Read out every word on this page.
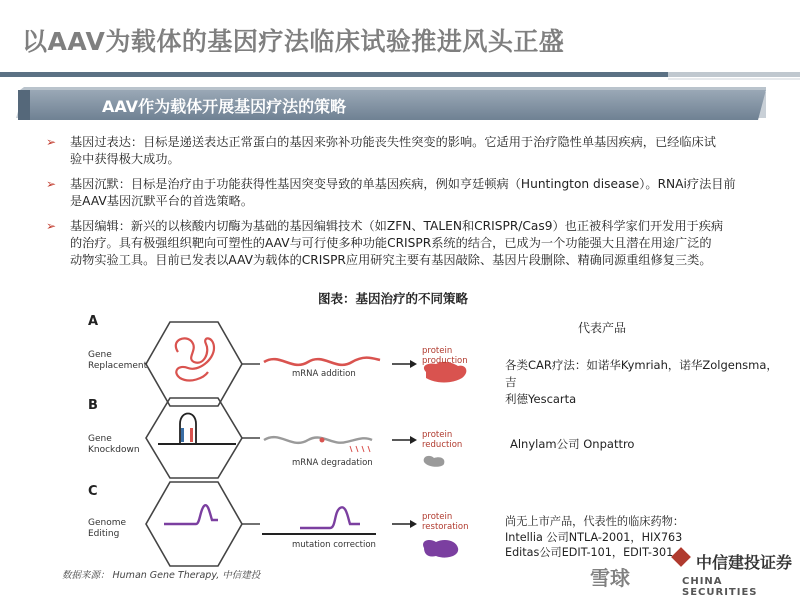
以AAV为载体的基因疗法临床试验推进风头正盛
AAV作为载体开展基因疗法的策略
➢ 基因过表达：目标是递送表达正常蛋白的基因来弥补功能丧失性突变的影响。它适用于治疗隐性单基因疾病，已经临床试
验中获得极大成功。
➢ 基因沉默：目标是治疗由于功能获得性基因突变导致的单基因疾病，例如亨廷顿病（Huntington disease）。RNAi疗法目前
是AAV基因沉默平台的首选策略。
➢ 基因编辑：新兴的以核酸内切酶为基础的基因编辑技术（如ZFN、TALEN和CRISPR/Cas9）也正被科学家们开发用于疾病
的治疗。具有极强组织靶向可塑性的AAV与可行使多种功能CRISPR系统的结合，已成为一个功能强大且潜在用途广泛的
动物实验工具。目前已发表以AAV为载体的CRISPR应用研究主要有基因敲除、基因片段删除、精确同源重组修复三类。
图表：基因治疗的不同策略
A
Gene
Replacement
mRNA addition
protein
production
B
Gene
Knockdown
mRNA degradation
protein
reduction
C
Genome
Editing
mutation correction
protein
restoration
代表产品
各类CAR疗法：如诺华Kymriah，诺华Zolgensma，吉
利德Yescarta
Alnylam公司 Onpattro
尚无上市产品，代表性的临床药物：
Intellia 公司NTLA-2001，HIX763
Editas公司EDIT-101，EDIT-301
数据来源： Human Gene Therapy, 中信建投
中信建投证券
CHINA SECURITIES
雪球
